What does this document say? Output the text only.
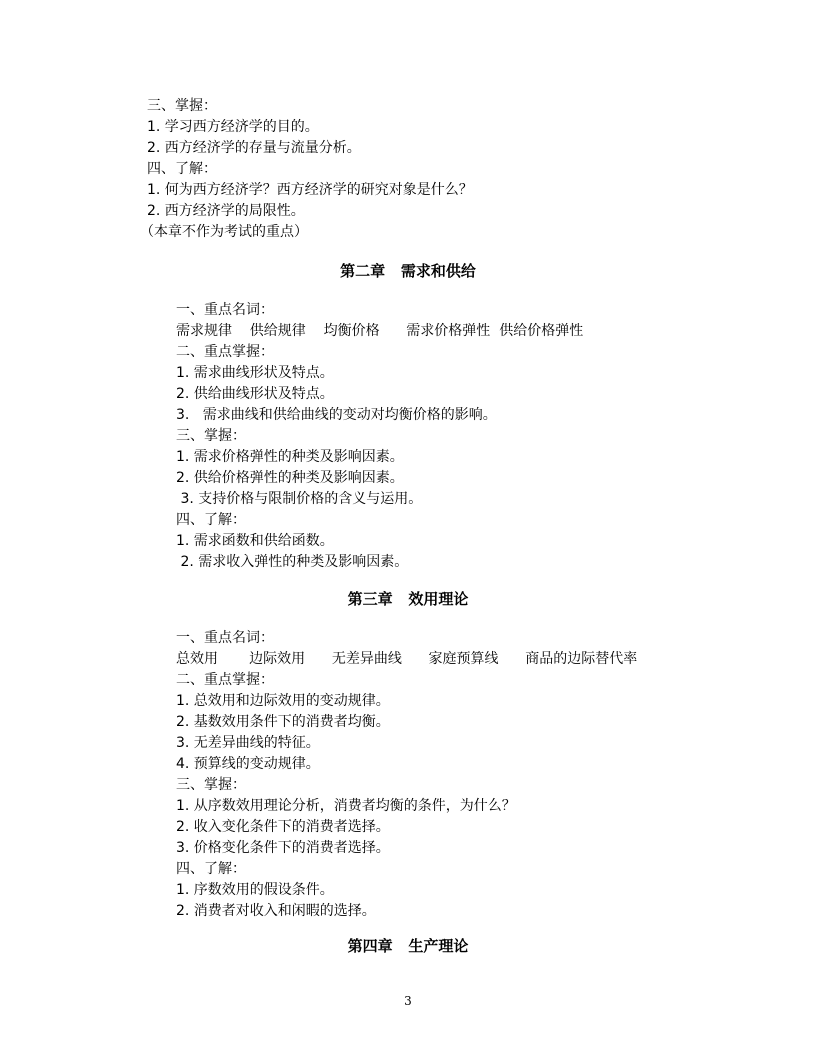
三、掌握：
1. 学习西方经济学的目的。
2. 西方经济学的存量与流量分析。
四、了解：
1. 何为西方经济学？西方经济学的研究对象是什么？
2. 西方经济学的局限性。
（本章不作为考试的重点）
第二章   需求和供给
一、重点名词：
需求规律    供给规律    均衡价格      需求价格弹性  供给价格弹性
二、重点掌握：
1. 需求曲线形状及特点。
2. 供给曲线形状及特点。
3.   需求曲线和供给曲线的变动对均衡价格的影响。
三、掌握：
1. 需求价格弹性的种类及影响因素。
2. 供给价格弹性的种类及影响因素。
3. 支持价格与限制价格的含义与运用。
四、了解：
1. 需求函数和供给函数。
2. 需求收入弹性的种类及影响因素。
第三章   效用理论
一、重点名词：
总效用       边际效用      无差异曲线      家庭预算线      商品的边际替代率
二、重点掌握：
1. 总效用和边际效用的变动规律。
2. 基数效用条件下的消费者均衡。
3. 无差异曲线的特征。
4. 预算线的变动规律。
三、掌握：
1. 从序数效用理论分析，消费者均衡的条件，为什么？
2. 收入变化条件下的消费者选择。
3. 价格变化条件下的消费者选择。
四、了解：
1. 序数效用的假设条件。
2. 消费者对收入和闲暇的选择。
第四章   生产理论
3
